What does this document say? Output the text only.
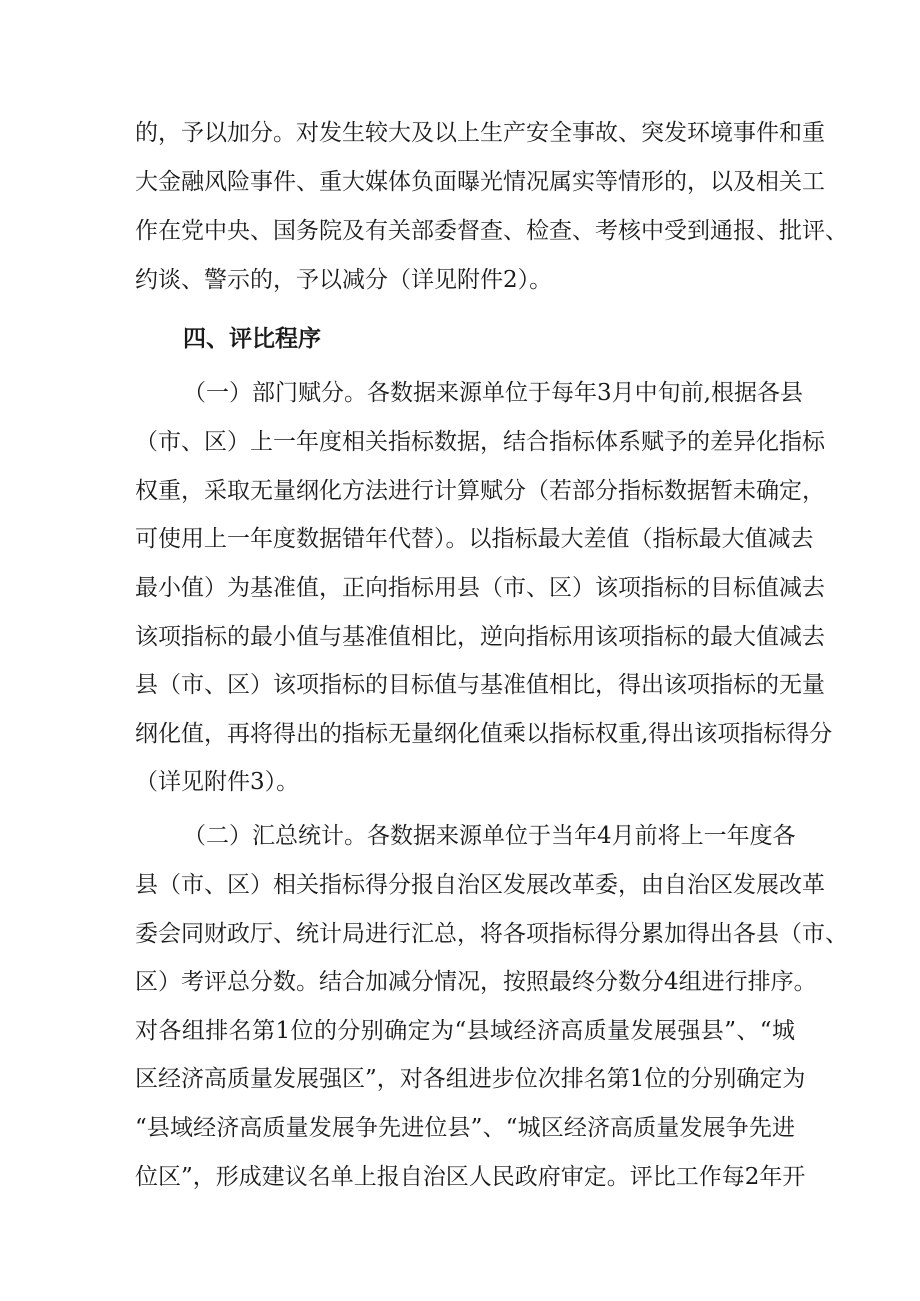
的，予以加分。对发生较大及以上生产安全事故、突发环境事件和重
大金融风险事件、重大媒体负面曝光情况属实等情形的，以及相关工
作在党中央、国务院及有关部委督查、检查、考核中受到通报、批评、
约谈、警示的，予以减分（详见附件2）。
四、评比程序
（一）部门赋分。各数据来源单位于每年3月中旬前,根据各县
（市、区）上一年度相关指标数据，结合指标体系赋予的差异化指标
权重，采取无量纲化方法进行计算赋分（若部分指标数据暂未确定，
可使用上一年度数据错年代替）。以指标最大差值（指标最大值减去
最小值）为基准值，正向指标用县（市、区）该项指标的目标值减去
该项指标的最小值与基准值相比，逆向指标用该项指标的最大值减去
县（市、区）该项指标的目标值与基准值相比，得出该项指标的无量
纲化值，再将得出的指标无量纲化值乘以指标权重,得出该项指标得分
（详见附件3）。
（二）汇总统计。各数据来源单位于当年4月前将上一年度各
县（市、区）相关指标得分报自治区发展改革委，由自治区发展改革
委会同财政厅、统计局进行汇总，将各项指标得分累加得出各县（市、
区）考评总分数。结合加减分情况，按照最终分数分4组进行排序。
对各组排名第1位的分别确定为“县域经济高质量发展强县”、“城
区经济高质量发展强区”，对各组进步位次排名第1位的分别确定为
“县域经济高质量发展争先进位县”、“城区经济高质量发展争先进
位区”，形成建议名单上报自治区人民政府审定。评比工作每2年开
